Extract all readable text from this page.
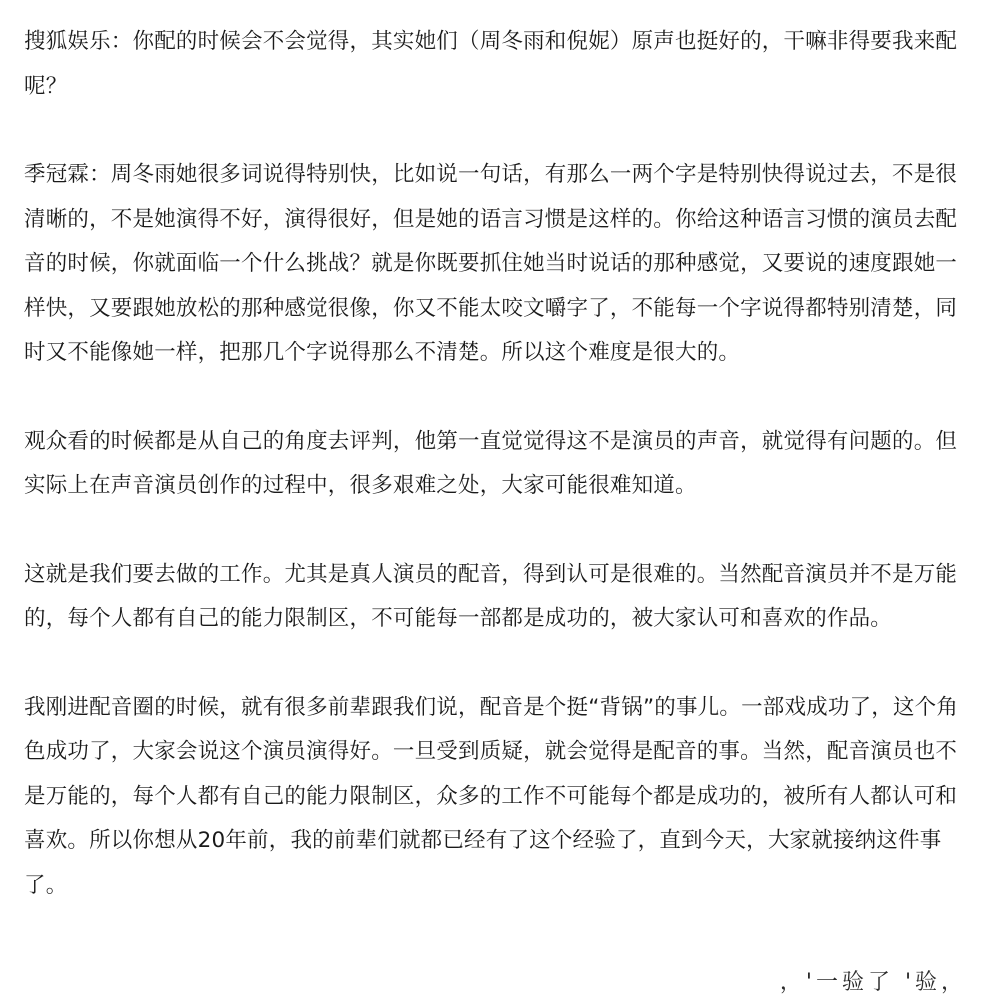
搜狐娱乐：你配的时候会不会觉得，其实她们（周冬雨和倪妮）原声也挺好的，干嘛非得要我来配呢？

季冠霖：周冬雨她很多词说得特别快，比如说一句话，有那么一两个字是特别快得说过去，不是很清晰的，不是她演得不好，演得很好，但是她的语言习惯是这样的。你给这种语言习惯的演员去配音的时候，你就面临一个什么挑战？就是你既要抓住她当时说话的那种感觉，又要说的速度跟她一样快，又要跟她放松的那种感觉很像，你又不能太咬文嚼字了，不能每一个字说得都特别清楚，同时又不能像她一样，把那几个字说得那么不清楚。所以这个难度是很大的。

观众看的时候都是从自己的角度去评判，他第一直觉觉得这不是演员的声音，就觉得有问题的。但实际上在声音演员创作的过程中，很多艰难之处，大家可能很难知道。

这就是我们要去做的工作。尤其是真人演员的配音，得到认可是很难的。当然配音演员并不是万能的，每个人都有自己的能力限制区，不可能每一部都是成功的，被大家认可和喜欢的作品。

我刚进配音圈的时候，就有很多前辈跟我们说，配音是个挺“背锅”的事儿。一部戏成功了，这个角色成功了，大家会说这个演员演得好。一旦受到质疑，就会觉得是配音的事。当然，配音演员也不是万能的，每个人都有自己的能力限制区，众多的工作不可能每个都是成功的，被所有人都认可和喜欢。所以你想从20年前，我的前辈们就都已经有了这个经验了，直到今天，大家就接纳这件事了。

，'一验了 '验，
